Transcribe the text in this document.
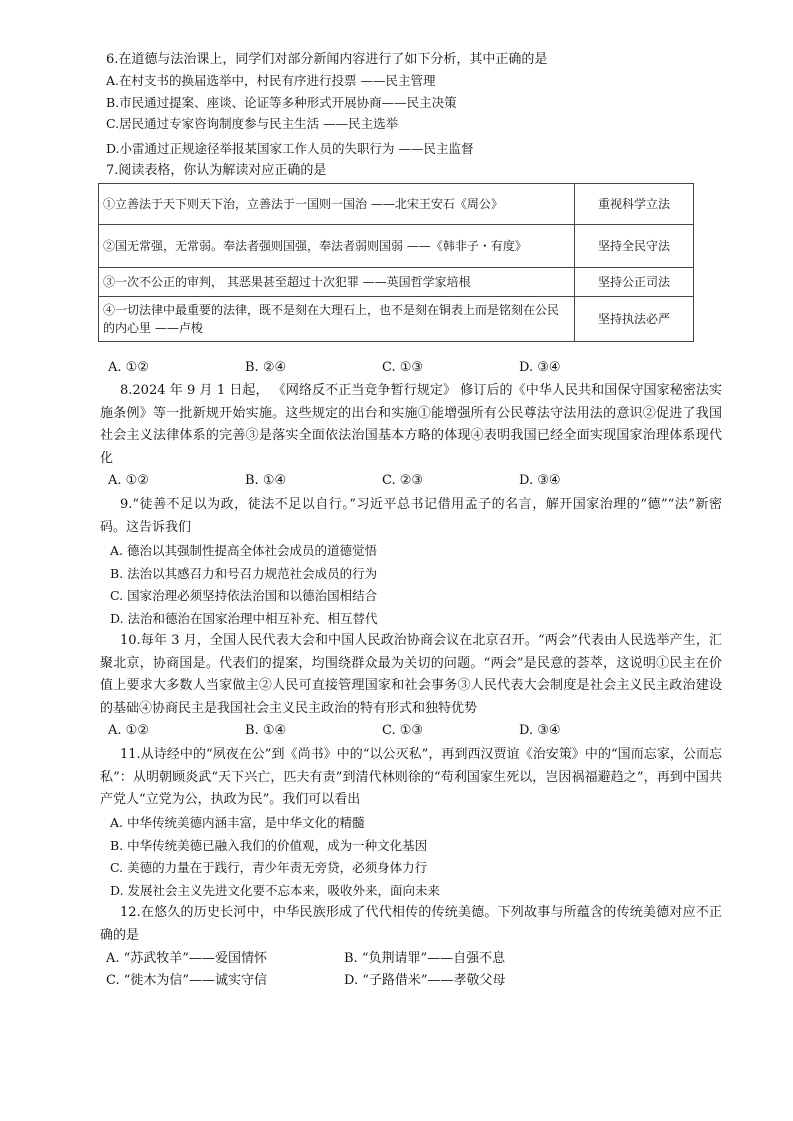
6.在道德与法治课上，同学们对部分新闻内容进行了如下分析，其中正确的是
A.在村支书的换届选举中，村民有序进行投票 ——民主管理
B.市民通过提案、座谈、论证等多种形式开展协商——民主决策
C.居民通过专家咨询制度参与民主生活 ——民主选举
D.小雷通过正规途径举报某国家工作人员的失职行为 ——民主监督
7.阅读表格，你认为解读对应正确的是
①立善法于天下则天下治，立善法于一国则一国治 ——北宋王安石《周公》	重视科学立法
②国无常强，无常弱。奉法者强则国强，奉法者弱则国弱 ——《韩非子・有度》	坚持全民守法
③一次不公正的审判， 其恶果甚至超过十次犯罪 ——英国哲学家培根	坚持公正司法
④一切法律中最重要的法律，既不是刻在大理石上，也不是刻在铜表上而是铭刻在公民的内心里 ——卢梭	坚持执法必严
A. ①②	B. ②④	C. ①③	D. ③④
8.2024 年 9 月 1 日起， 《网络反不正当竞争暂行规定》 修订后的《中华人民共和国保守国家秘密法实施条例》等一批新规开始实施。这些规定的出台和实施①能增强所有公民尊法守法用法的意识②促进了我国社会主义法律体系的完善③是落实全面依法治国基本方略的体现④表明我国已经全面实现国家治理体系现代化
A. ①②	B. ①④	C. ②③	D. ③④
9.“徒善不足以为政，徒法不足以自行。”习近平总书记借用孟子的名言，解开国家治理的“德”“法”新密码。这告诉我们
A. 德治以其强制性提高全体社会成员的道德觉悟
B. 法治以其感召力和号召力规范社会成员的行为
C. 国家治理必须坚持依法治国和以德治国相结合
D. 法治和德治在国家治理中相互补充、相互替代
10.每年 3 月，全国人民代表大会和中国人民政治协商会议在北京召开。“两会”代表由人民选举产生，汇聚北京，协商国是。代表们的提案，均围绕群众最为关切的问题。“两会”是民意的荟萃，这说明①民主在价值上要求大多数人当家做主②人民可直接管理国家和社会事务③人民代表大会制度是社会主义民主政治建设的基础④协商民主是我国社会主义民主政治的特有形式和独特优势
A. ①②	B. ①④	C. ①③	D. ③④
11.从诗经中的“夙夜在公”到《尚书》中的“以公灭私”，再到西汉贾谊《治安策》中的“国而忘家，公而忘私”：从明朝顾炎武“天下兴亡，匹夫有责”到清代林则徐的“苟利国家生死以，岂因祸福避趋之”，再到中国共产党人“立党为公，执政为民”。我们可以看出
A. 中华传统美德内涵丰富，是中华文化的精髓
B. 中华传统美德已融入我们的价值观，成为一种文化基因
C. 美德的力量在于践行，青少年责无旁贷，必须身体力行
D. 发展社会主义先进文化要不忘本来，吸收外来，面向未来
12.在悠久的历史长河中，中华民族形成了代代相传的传统美德。下列故事与所蕴含的传统美德对应不正确的是
A. “苏武牧羊”——爱国情怀	B. “负荆请罪”——自强不息
C. “徙木为信”——诚实守信	D. “子路借米”——孝敬父母
